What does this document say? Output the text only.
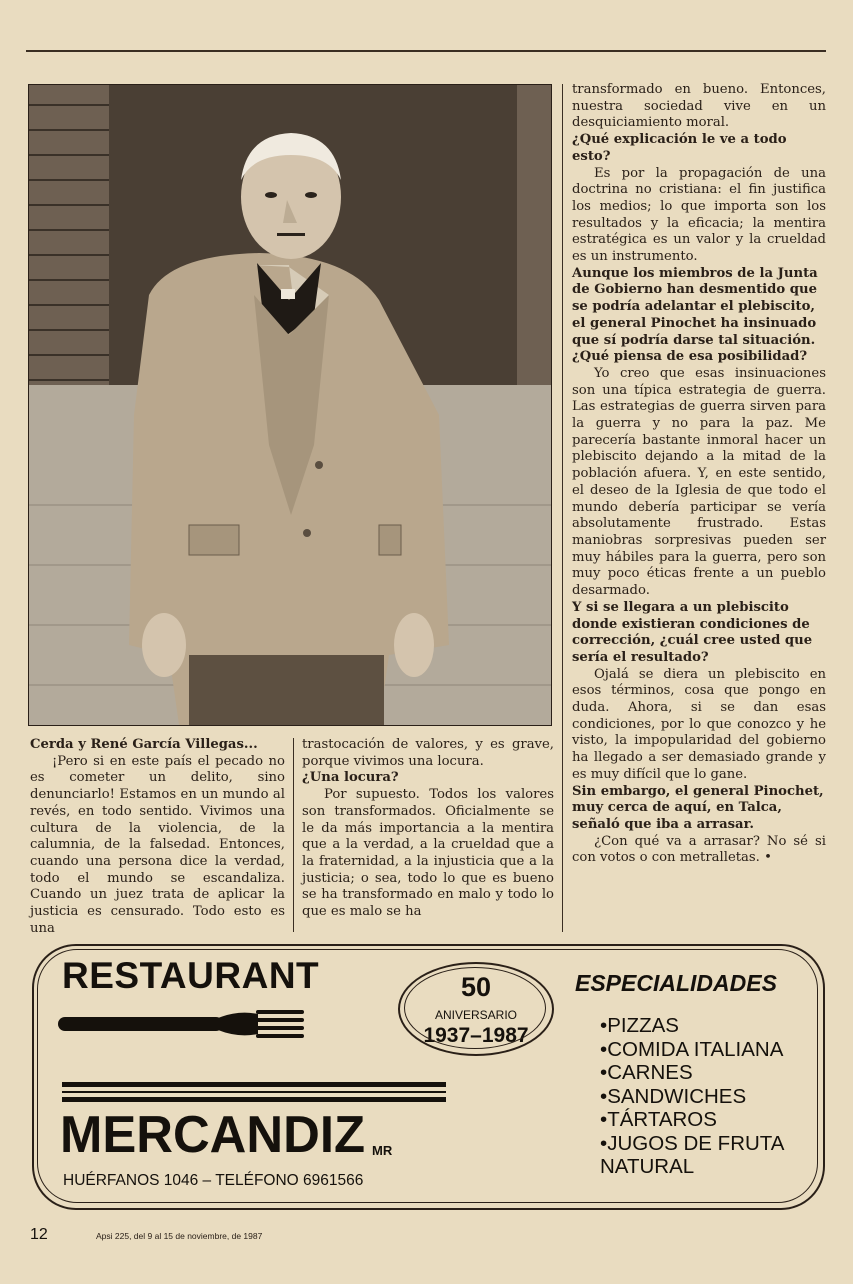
Cerda y René García Villegas...

¡Pero si en este país el pecado no es cometer un delito, sino denunciarlo! Estamos en un mundo al revés, en todo sentido. Vivimos una cultura de la violencia, de la calumnia, de la falsedad. Entonces, cuando una persona dice la verdad, todo el mundo se escandaliza. Cuando un juez trata de aplicar la justicia es censurado. Todo esto es una

trastocación de valores, y es grave, porque vivimos una locura.

¿Una locura?

Por supuesto. Todos los valores son transformados. Oficialmente se le da más importancia a la mentira que a la verdad, a la crueldad que a la fraternidad, a la injusticia que a la justicia; o sea, todo lo que es bueno se ha transformado en malo y todo lo que es malo se ha

transformado en bueno. Entonces, nuestra sociedad vive en un desquiciamiento moral.

¿Qué explicación le ve a todo esto?

Es por la propagación de una doctrina no cristiana: el fin justifica los medios; lo que importa son los resultados y la eficacia; la mentira estratégica es un valor y la crueldad es un instrumento.

Aunque los miembros de la Junta de Gobierno han desmentido que se podría adelantar el plebiscito, el general Pinochet ha insinuado que sí podría darse tal situación. ¿Qué piensa de esa posibilidad?

Yo creo que esas insinuaciones son una típica estrategia de guerra. Las estrategias de guerra sirven para la guerra y no para la paz. Me parecería bastante inmoral hacer un plebiscito dejando a la mitad de la población afuera. Y, en este sentido, el deseo de la Iglesia de que todo el mundo debería participar se vería absolutamente frustrado. Estas maniobras sorpresivas pueden ser muy hábiles para la guerra, pero son muy poco éticas frente a un pueblo desarmado.

Y si se llegara a un plebiscito donde existieran condiciones de corrección, ¿cuál cree usted que sería el resultado?

Ojalá se diera un plebiscito en esos términos, cosa que pongo en duda. Ahora, si se dan esas condiciones, por lo que conozco y he visto, la impopularidad del gobierno ha llegado a ser demasiado grande y es muy difícil que lo gane.

Sin embargo, el general Pinochet, muy cerca de aquí, en Talca, señaló que iba a arrasar.

¿Con qué va a arrasar? No sé si con votos o con metralletas. •

RESTAURANT	50
ANIVERSARIO
1937–1987
MERCANDIZ MR
HUÉRFANOS 1046 – TELÉFONO 6961566
ESPECIALIDADES
• PIZZAS
• COMIDA ITALIANA
• CARNES
• SANDWICHES
• TÁRTAROS
• JUGOS DE FRUTA
NATURAL
12	Apsi 225, del 9 al 15 de noviembre, de 1987
